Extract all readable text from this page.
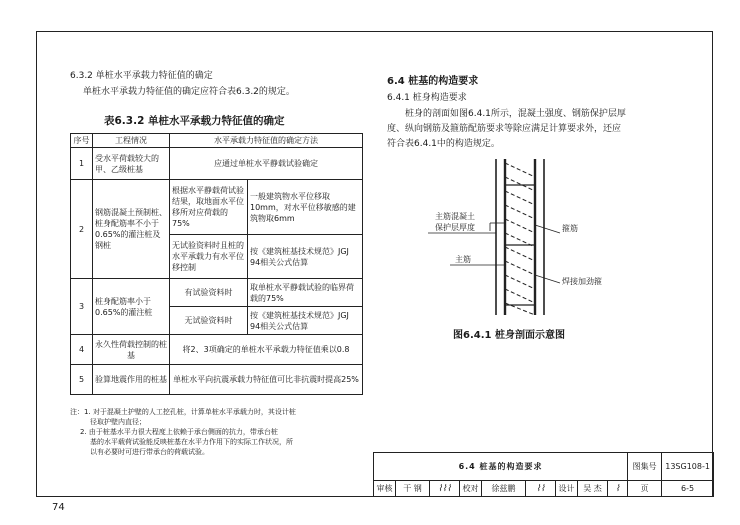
6.3.2 单桩水平承载力特征值的确定
单桩水平承载力特征值的确定应符合表6.3.2的规定。
表6.3.2 单桩水平承载力特征值的确定
序号	工程情况	水平承载力特征值的确定方法	
1	受水平荷载较大的甲、乙级桩基	应通过单桩水平静载试验确定	
2	钢筋混凝土预制桩、桩身配筋率不小于0.65%的灌注桩及钢桩	根据水平静载荷试验结果，取地面水平位移所对应荷载的75%	一般建筑物水平位移取10mm，对水平位移敏感的建筑物取6mm
		无试验资料时且桩的水平承载力有水平位移控制	按《建筑桩基技术规范》JGJ 94相关公式估算
3	桩身配筋率小于0.65%的灌注桩	有试验资料时	取单桩水平静载试验的临界荷载的75%
		无试验资料时	按《建筑桩基技术规范》JGJ 94相关公式估算
4	永久性荷载控制的桩基	将2、3项确定的单桩水平承载力特征值乘以0.8	
5	验算地震作用的桩基	单桩水平向抗震承载力特征值可比非抗震时提高25%	
注：1. 对于混凝土护壁的人工挖孔桩，计算单桩水平承载力时，其设计桩
径取护壁内直径；
2. 由于桩基水平力很大程度上依赖于承台侧面的抗力，带承台桩
基的水平载荷试验能反映桩基在水平力作用下的实际工作状况，所
以有必要时可进行带承台的荷载试验。
6.4 桩基的构造要求
6.4.1 桩身构造要求
桩身的剖面如图6.4.1所示，混凝土强度、钢筋保护层厚
度、纵向钢筋及箍筋配筋要求等除应满足计算要求外，还应
符合表6.4.1中的构造规定。
主筋混凝土
保护层厚度	箍筋
主筋
焊接加劲箍
图6.4.1 桩身剖面示意图
6.4 桩基的构造要求									图集号	13SG108-1
审核	干 钢	⌇⌇⌇	校对	徐兹鹏	⌇⌇	设计	吴 杰	⌇	页	6-5
74
